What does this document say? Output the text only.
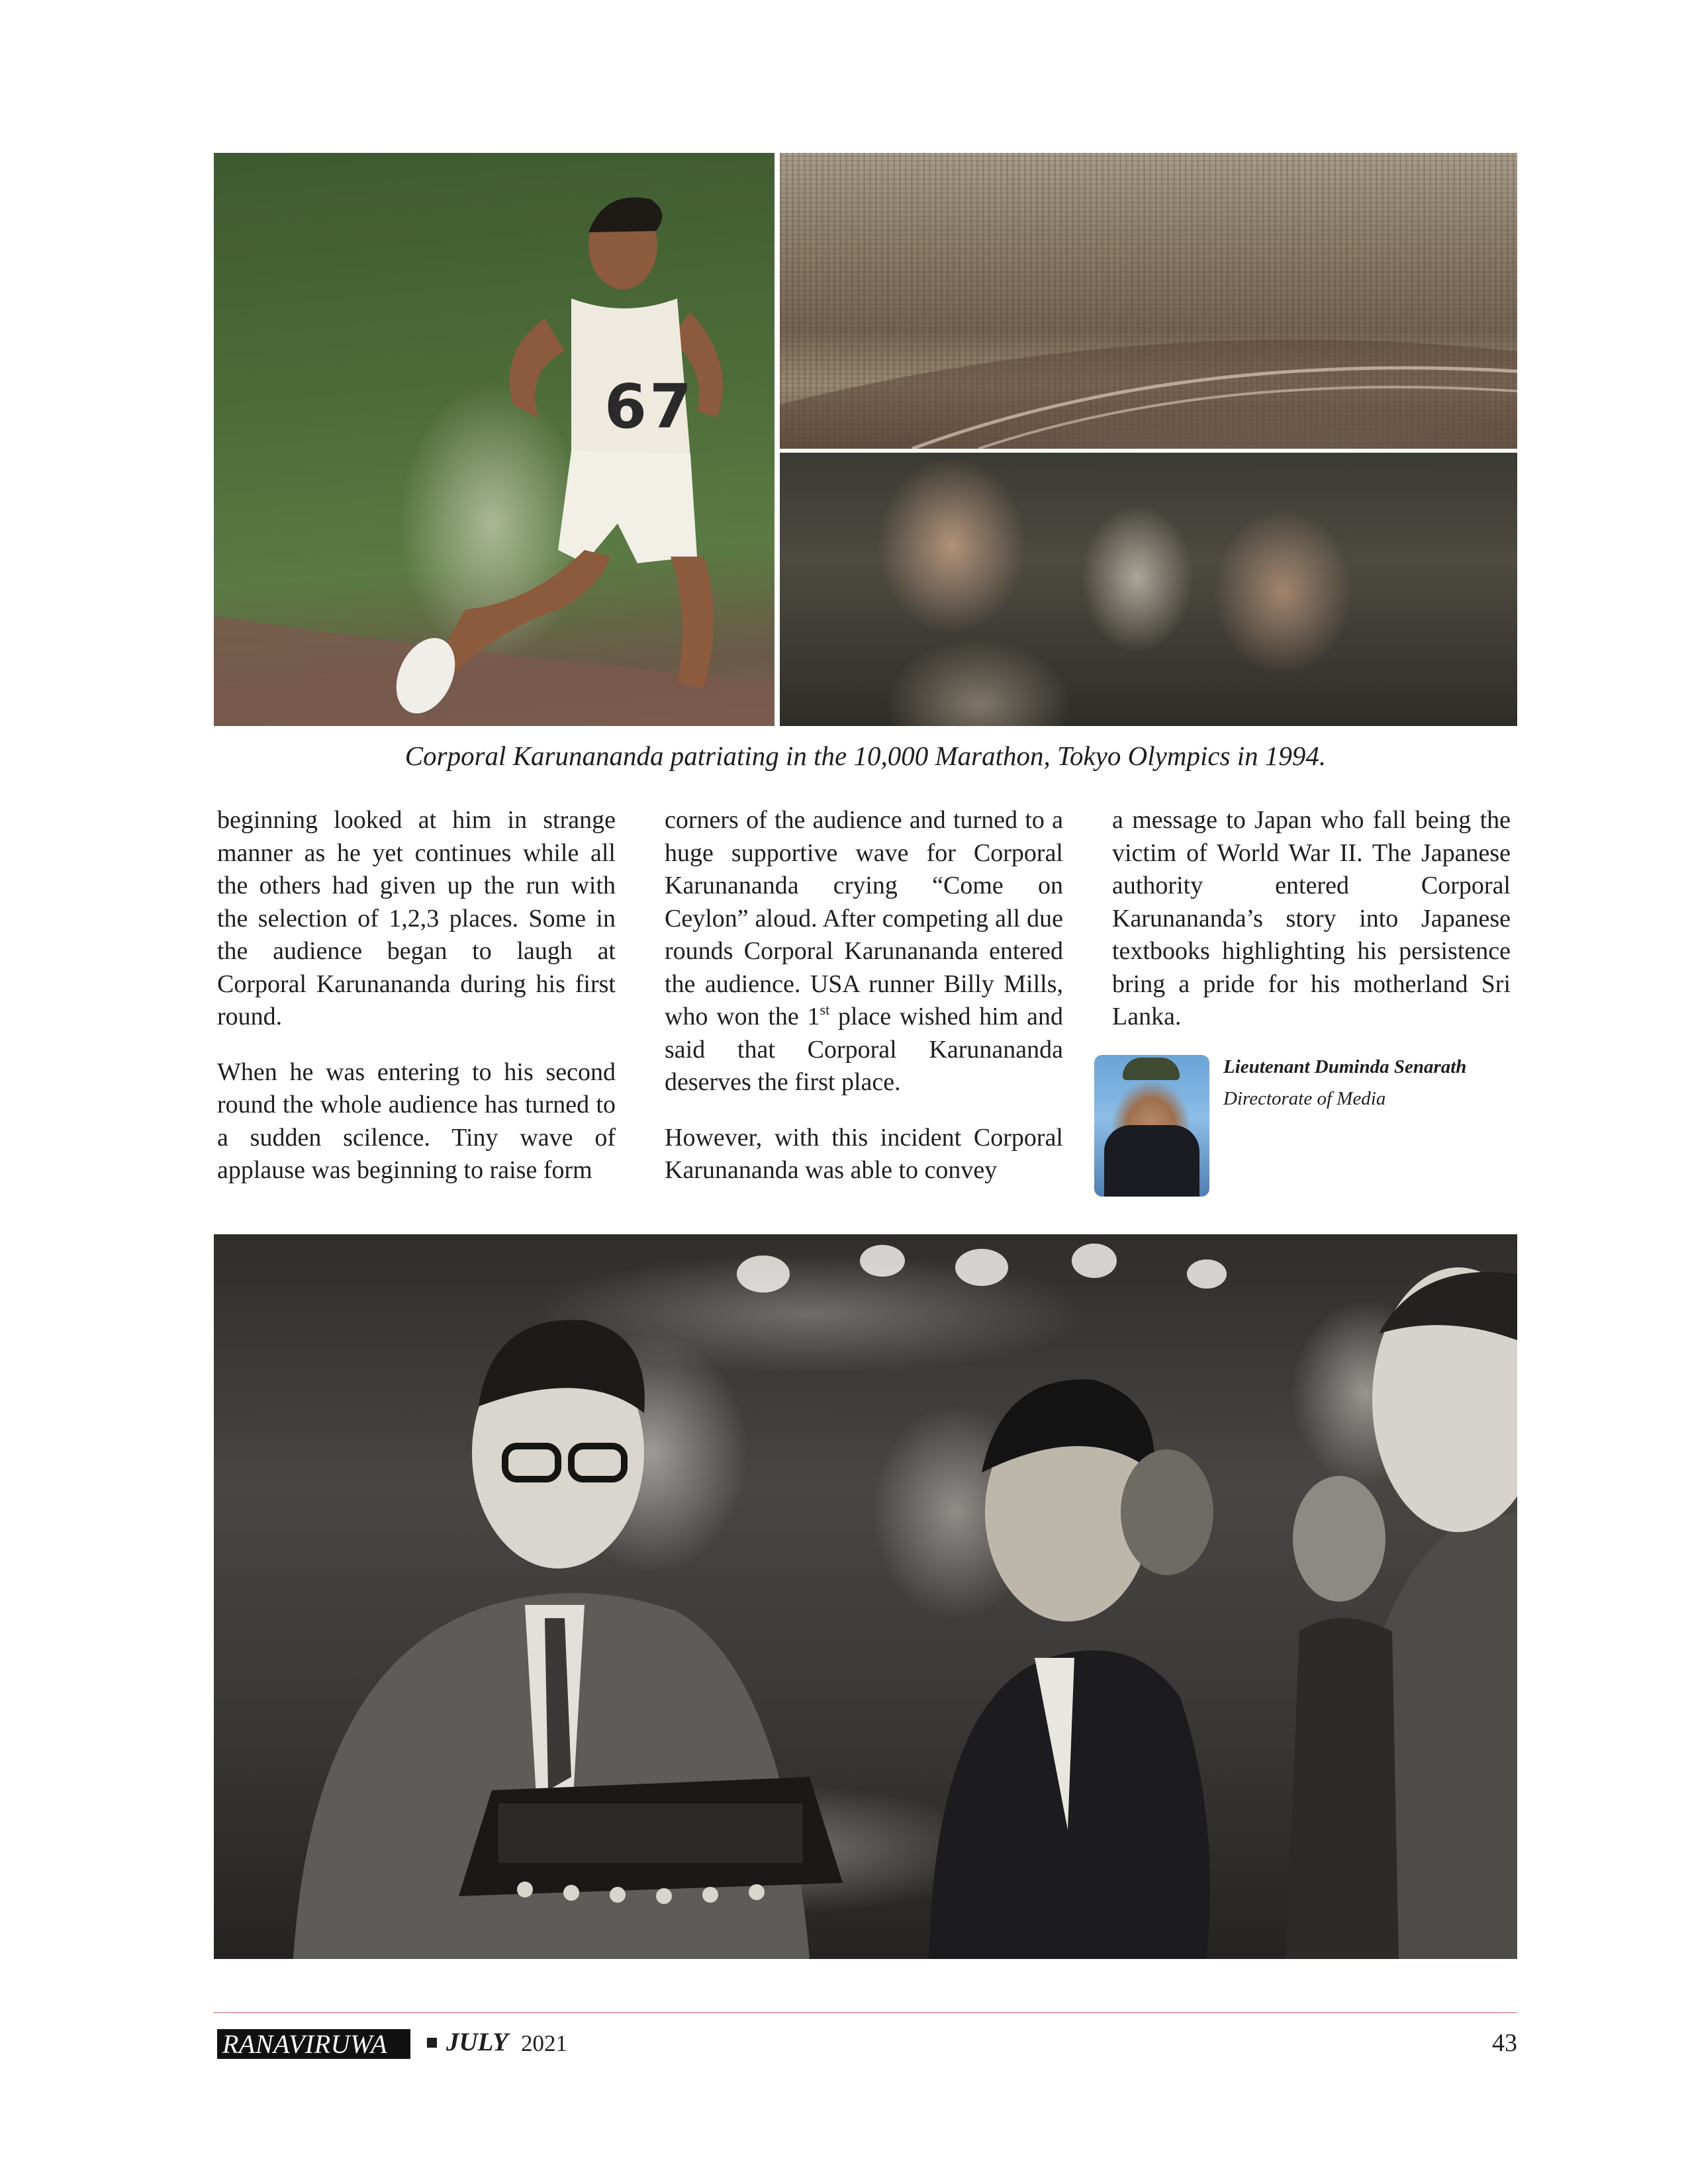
67
Corporal Karunananda patriating in the 10,000 Marathon, Tokyo Olympics in 1994.

beginning looked at him in strange manner as he yet continues while all the others had given up the run with the selection of 1,2,3 places. Some in the audience began to laugh at Corporal Karunananda during his first round.

When he was entering to his second round the whole audience has turned to a sudden scilence. Tiny wave of applause was beginning to raise form

corners of the audience and turned to a huge supportive wave for Corporal Karunananda crying “Come on Ceylon” aloud. After competing all due rounds Corporal Karunananda entered the audience. USA runner Billy Mills, who won the 1st place wished him and said that Corporal Karunananda deserves the first place.

However, with this incident Corporal Karunananda was able to convey

a message to Japan who fall being the victim of World War II. The Japanese authority entered Corporal Karunananda’s story into Japanese textbooks highlighting his persistence bring a pride for his motherland Sri Lanka.

Lieutenant Duminda Senarath
Directorate of Media
RANAVIRUWA	JULY 2021	43
